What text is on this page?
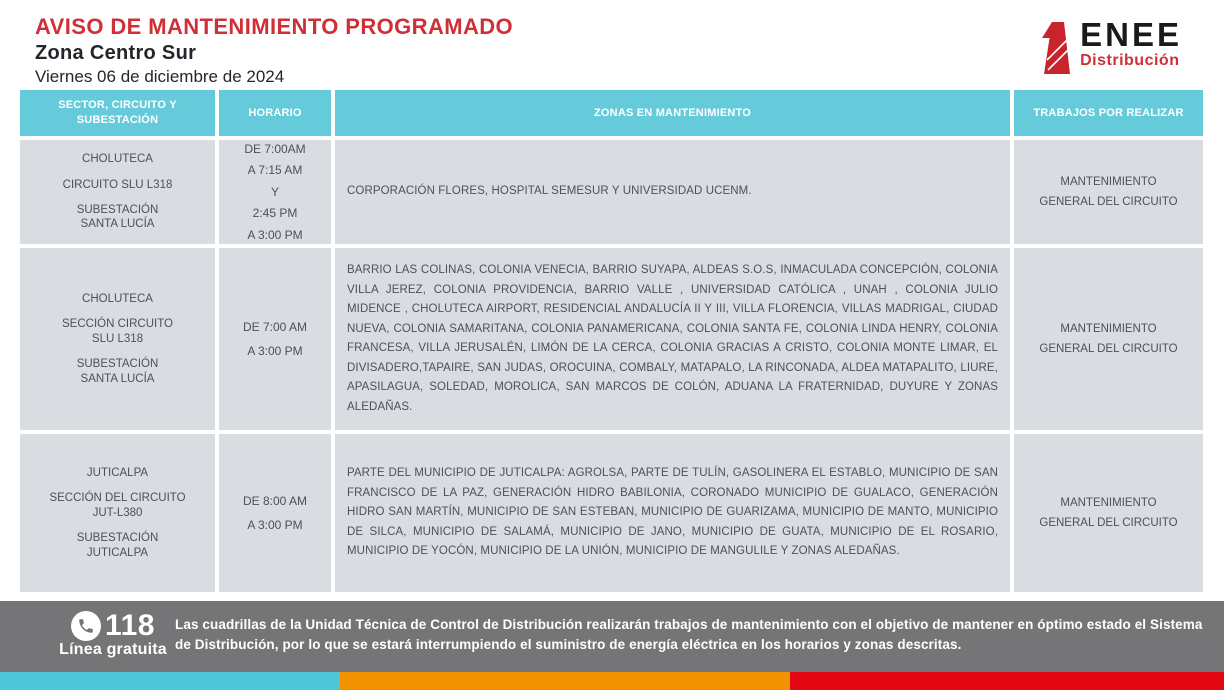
AVISO DE MANTENIMIENTO PROGRAMADO
Zona Centro Sur
Viernes 06 de diciembre de 2024
ENEE
Distribución
SECTOR, CIRCUITO Y SUBESTACIÓN
HORARIO	ZONAS EN MANTENIMIENTO	TRABAJOS POR REALIZAR

CHOLUTECA

CIRCUITO SLU L318

SUBESTACIÓN
SANTA LUCÍA

DE 7:00AM

A 7:15 AM

Y

2:45 PM

A 3:00 PM

CORPORACIÓN FLORES, HOSPITAL SEMESUR Y UNIVERSIDAD UCENM.

MANTENIMIENTO
GENERAL DEL CIRCUITO

CHOLUTECA

SECCIÓN CIRCUITO
SLU L318

SUBESTACIÓN
SANTA LUCÍA

DE 7:00 AM

A 3:00 PM

BARRIO LAS COLINAS, COLONIA VENECIA, BARRIO SUYAPA, ALDEAS S.O.S, INMACULADA CONCEPCIÓN, COLONIA VILLA JEREZ, COLONIA PROVIDENCIA, BARRIO VALLE , UNIVERSIDAD CATÓLICA , UNAH , COLONIA JULIO MIDENCE , CHOLUTECA AIRPORT, RESIDENCIAL ANDALUCÍA II Y III, VILLA FLORENCIA, VILLAS MADRIGAL, CIUDAD NUEVA, COLONIA SAMARITANA, COLONIA PANAMERICANA, COLONIA SANTA FE, COLONIA LINDA HENRY, COLONIA FRANCESA, VILLA JERUSALÉN, LIMÓN DE LA CERCA, COLONIA GRACIAS A CRISTO, COLONIA MONTE LIMAR, EL DIVISADERO,TAPAIRE, SAN JUDAS, OROCUINA, COMBALY, MATAPALO, LA RINCONADA, ALDEA MATAPALITO, LIURE, APASILAGUA, SOLEDAD, MOROLICA, SAN MARCOS DE COLÓN, ADUANA LA FRATERNIDAD, DUYURE Y ZONAS ALEDAÑAS.

MANTENIMIENTO
GENERAL DEL CIRCUITO

JUTICALPA

SECCIÓN DEL CIRCUITO
JUT-L380

SUBESTACIÓN
JUTICALPA

DE 8:00 AM

A 3:00 PM

PARTE DEL MUNICIPIO DE JUTICALPA: AGROLSA, PARTE DE TULÍN, GASOLINERA EL ESTABLO, MUNICIPIO DE SAN FRANCISCO DE LA PAZ, GENERACIÓN HIDRO BABILONIA, CORONADO MUNICIPIO DE GUALACO, GENERACIÓN HIDRO SAN MARTÍN, MUNICIPIO DE SAN ESTEBAN, MUNICIPIO DE GUARIZAMA, MUNICIPIO DE MANTO, MUNICIPIO DE SILCA, MUNICIPIO DE SALAMÁ, MUNICIPIO DE JANO, MUNICIPIO DE GUATA, MUNICIPIO DE EL ROSARIO, MUNICIPIO DE YOCÓN, MUNICIPIO DE LA UNIÓN, MUNICIPIO DE MANGULILE Y ZONAS ALEDAÑAS.

MANTENIMIENTO
GENERAL DEL CIRCUITO

118
Línea gratuita
Las cuadrillas de la Unidad Técnica de Control de Distribución realizarán trabajos de mantenimiento con el objetivo de mantener en óptimo estado el Sistema de Distribución, por lo que se estará interrumpiendo el suministro de energía eléctrica en los horarios y zonas descritas.
